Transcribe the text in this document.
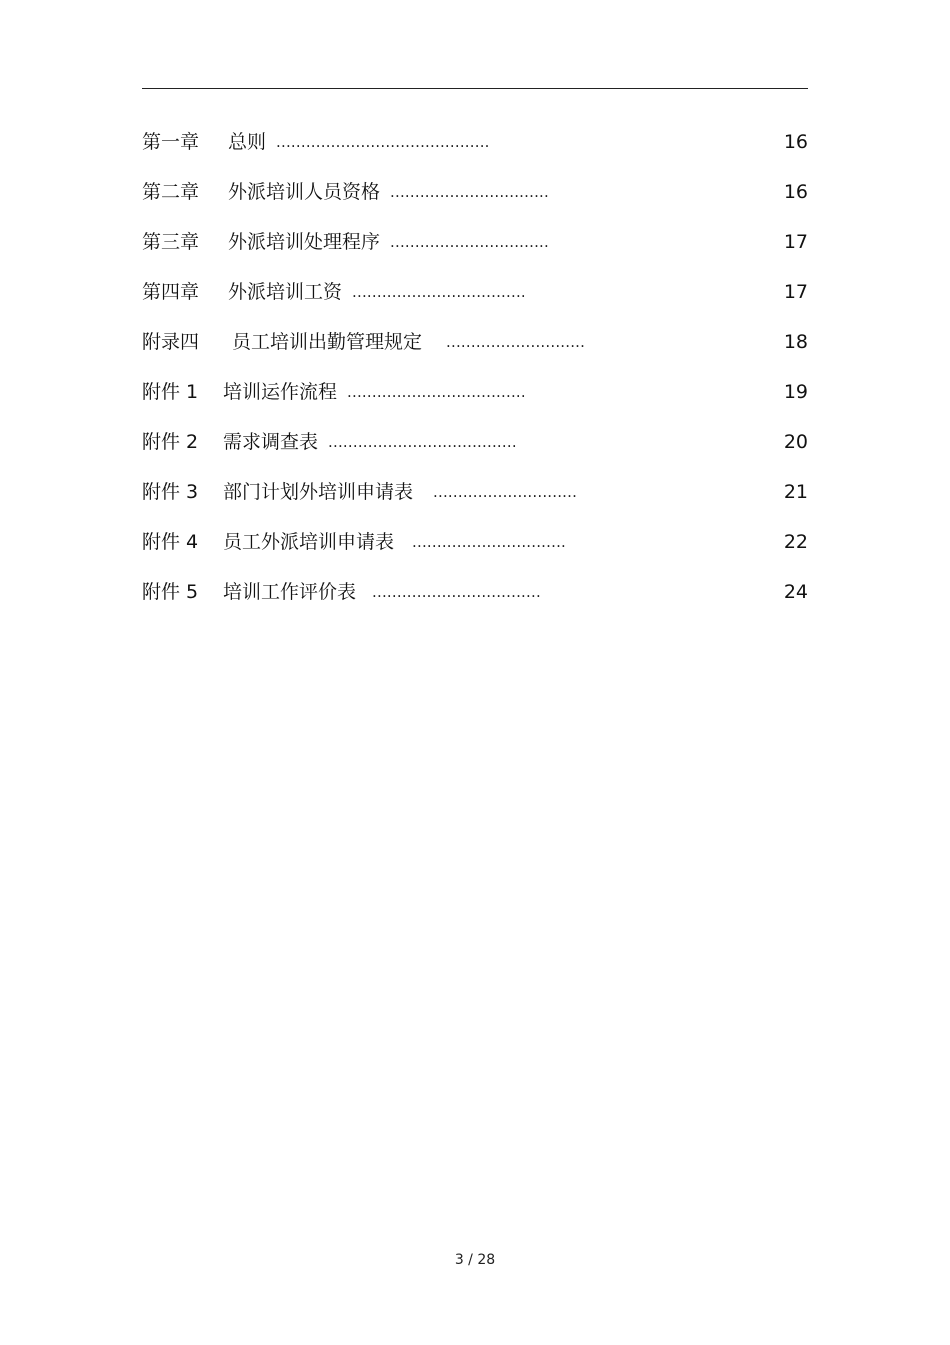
第一章	总则 ...........................................	16
第二章	外派培训人员资格 ................................	16
第三章	外派培训处理程序 ................................	17
第四章	外派培训工资 ...................................	17
附录四	员工培训出勤管理规定 ............................	18
附件 1	培训运作流程 ....................................	19
附件 2	需求调查表 ......................................	20
附件 3	部门计划外培训申请表 .............................	21
附件 4	员工外派培训申请表 ...............................	22
附件 5	培训工作评价表 ..................................	24
3 / 28
